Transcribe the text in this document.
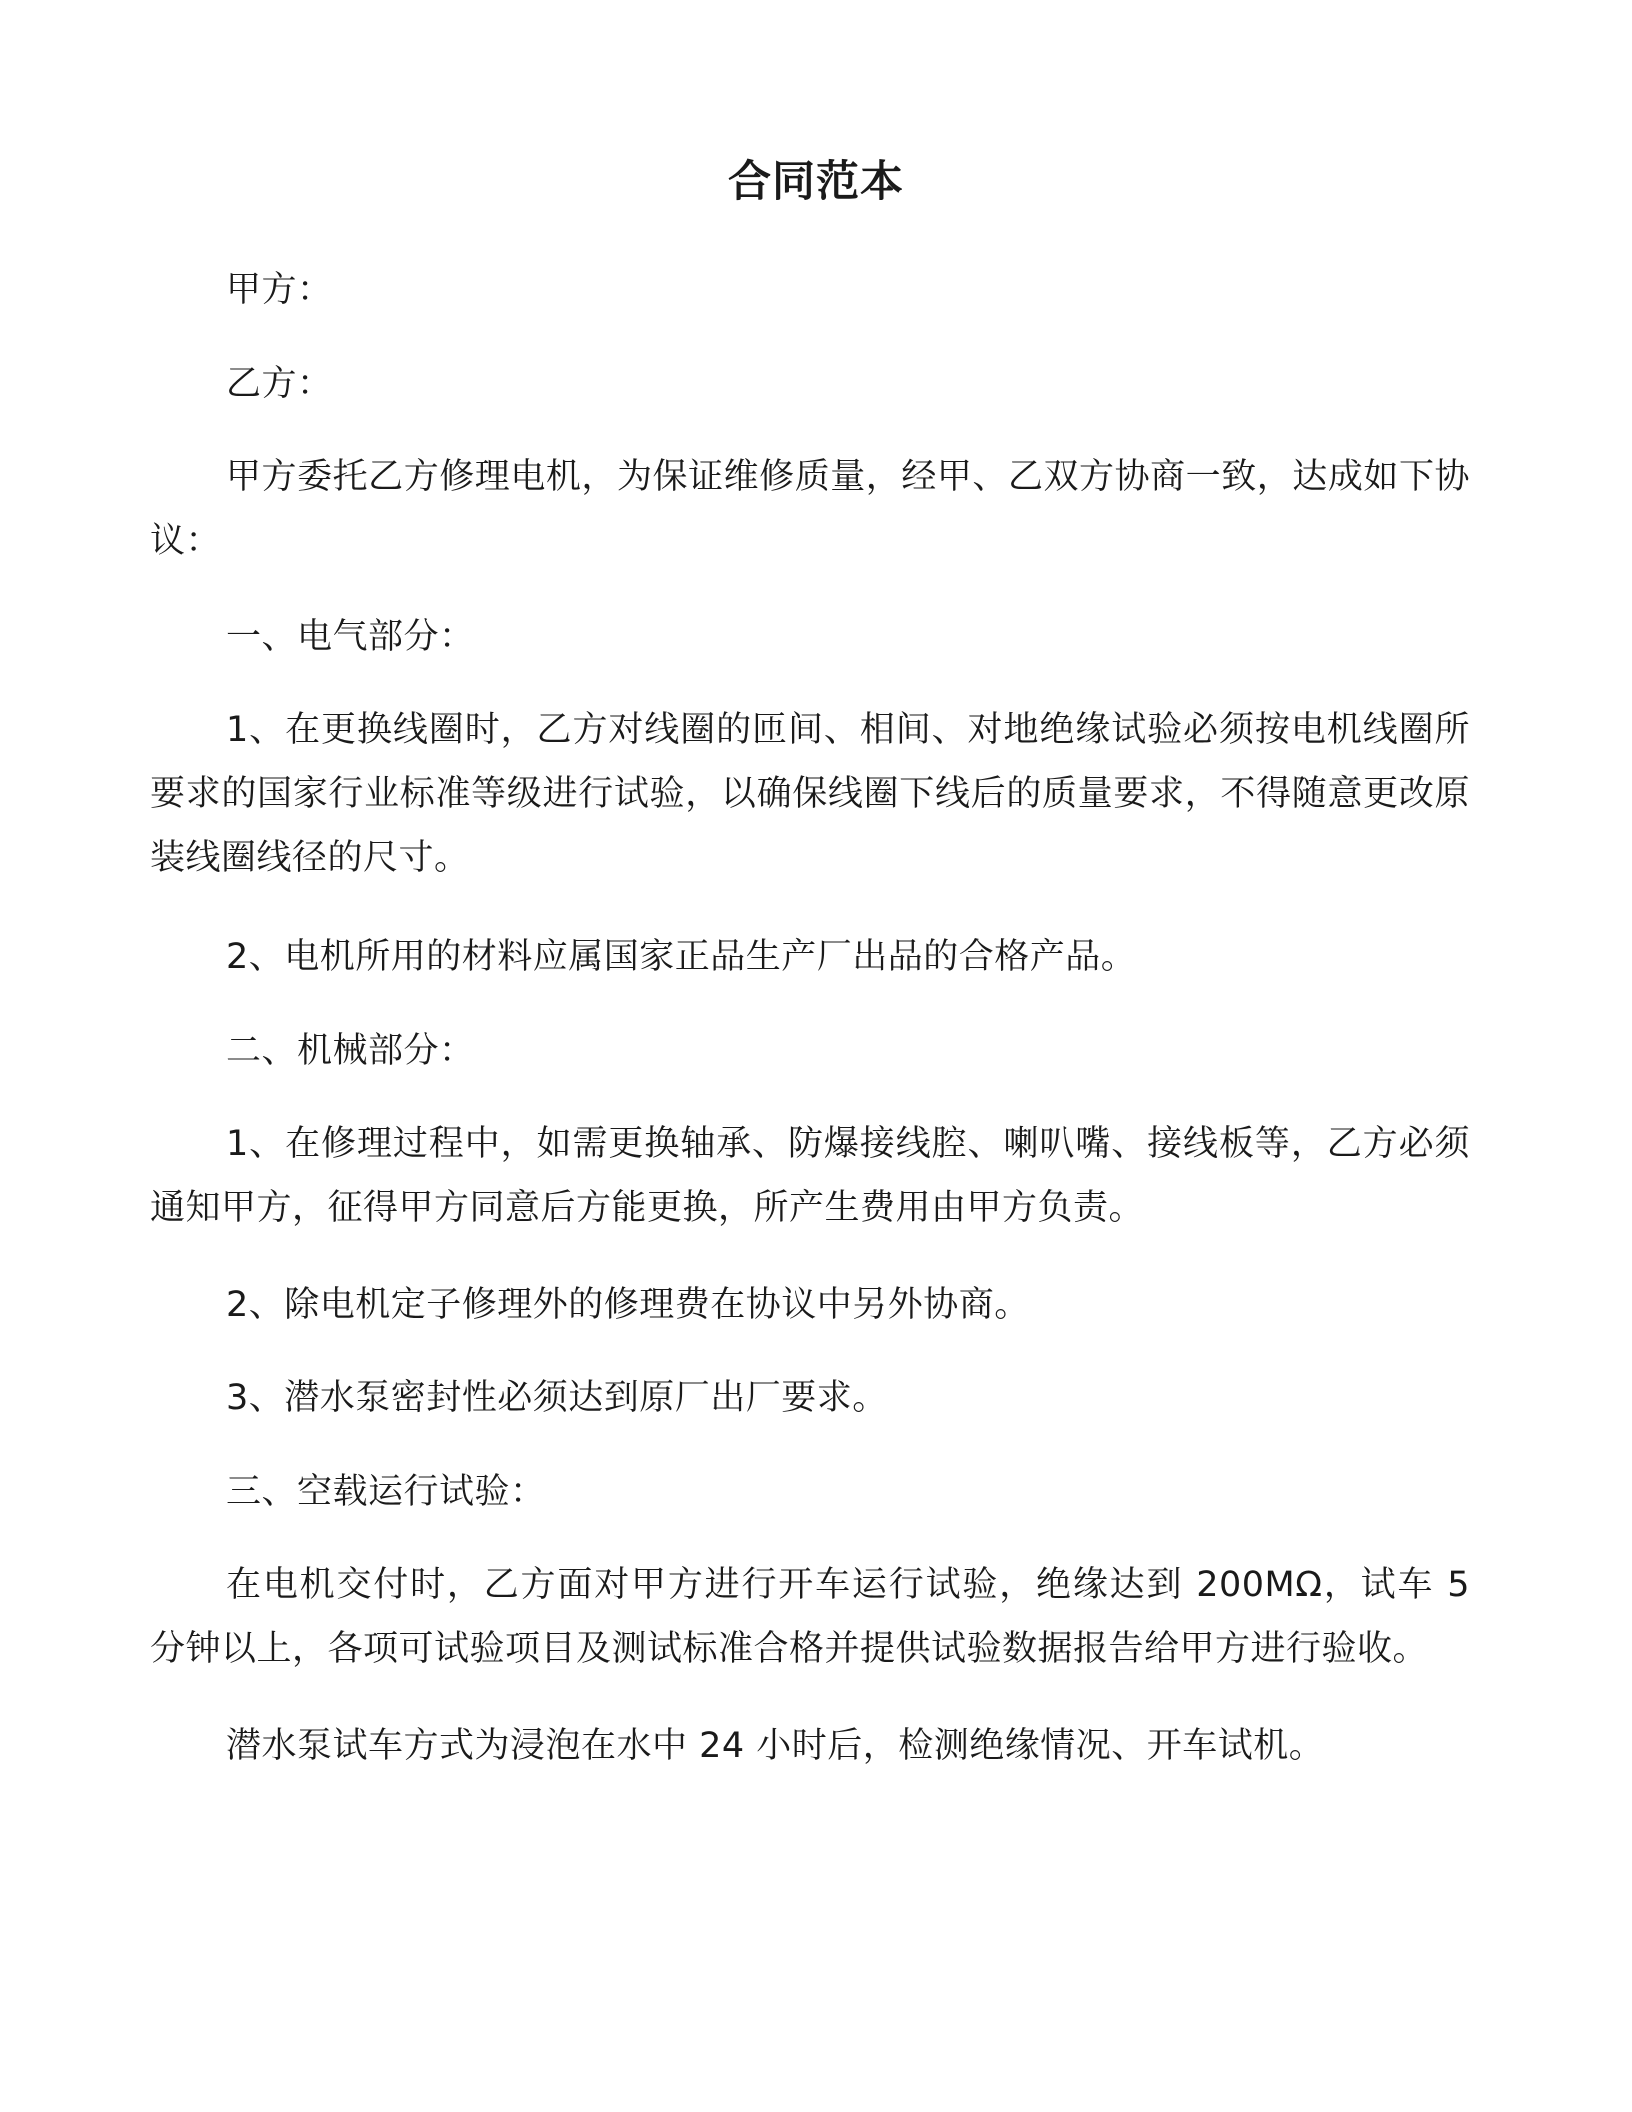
合同范本

甲方：

乙方：

甲方委托乙方修理电机，为保证维修质量，经甲、乙双方协商一致，达成如下协议：

一、电气部分：

1、在更换线圈时，乙方对线圈的匝间、相间、对地绝缘试验必须按电机线圈所要求的国家行业标准等级进行试验，以确保线圈下线后的质量要求，不得随意更改原装线圈线径的尺寸。

2、电机所用的材料应属国家正品生产厂出品的合格产品。

二、机械部分：

1、在修理过程中，如需更换轴承、防爆接线腔、喇叭嘴、接线板等，乙方必须通知甲方，征得甲方同意后方能更换，所产生费用由甲方负责。

2、除电机定子修理外的修理费在协议中另外协商。

3、潜水泵密封性必须达到原厂出厂要求。

三、空载运行试验：

在电机交付时，乙方面对甲方进行开车运行试验，绝缘达到 200MΩ，试车 5 分钟以上，各项可试验项目及测试标准合格并提供试验数据报告给甲方进行验收。

潜水泵试车方式为浸泡在水中 24 小时后，检测绝缘情况、开车试机。
